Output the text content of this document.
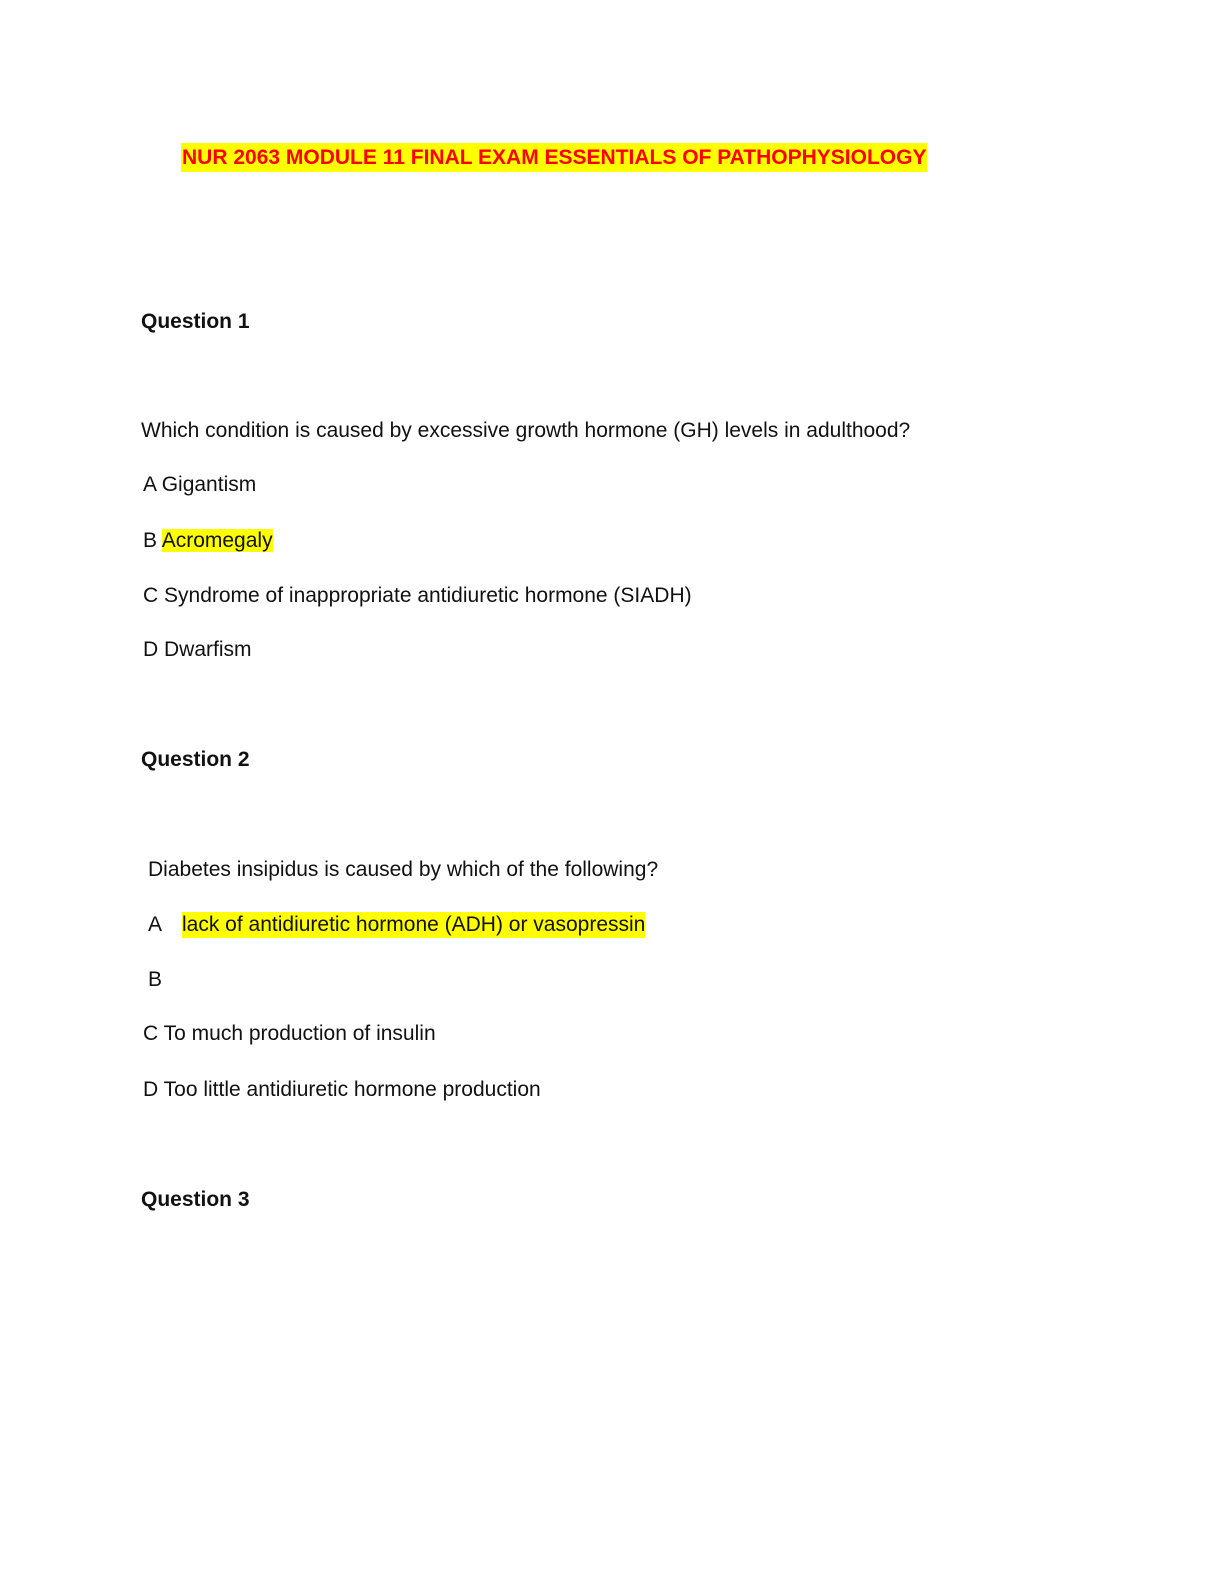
NUR 2063 MODULE 11 FINAL EXAM ESSENTIALS OF PATHOPHYSIOLOGY
Question 1
Which condition is caused by excessive growth hormone (GH) levels in adulthood?
A Gigantism
B Acromegaly
C Syndrome of inappropriate antidiuretic hormone (SIADH)
D Dwarfism
Question 2
Diabetes insipidus is caused by which of the following?
A lack of antidiuretic hormone (ADH) or vasopressin
B
C To much production of insulin
D Too little antidiuretic hormone production
Question 3
